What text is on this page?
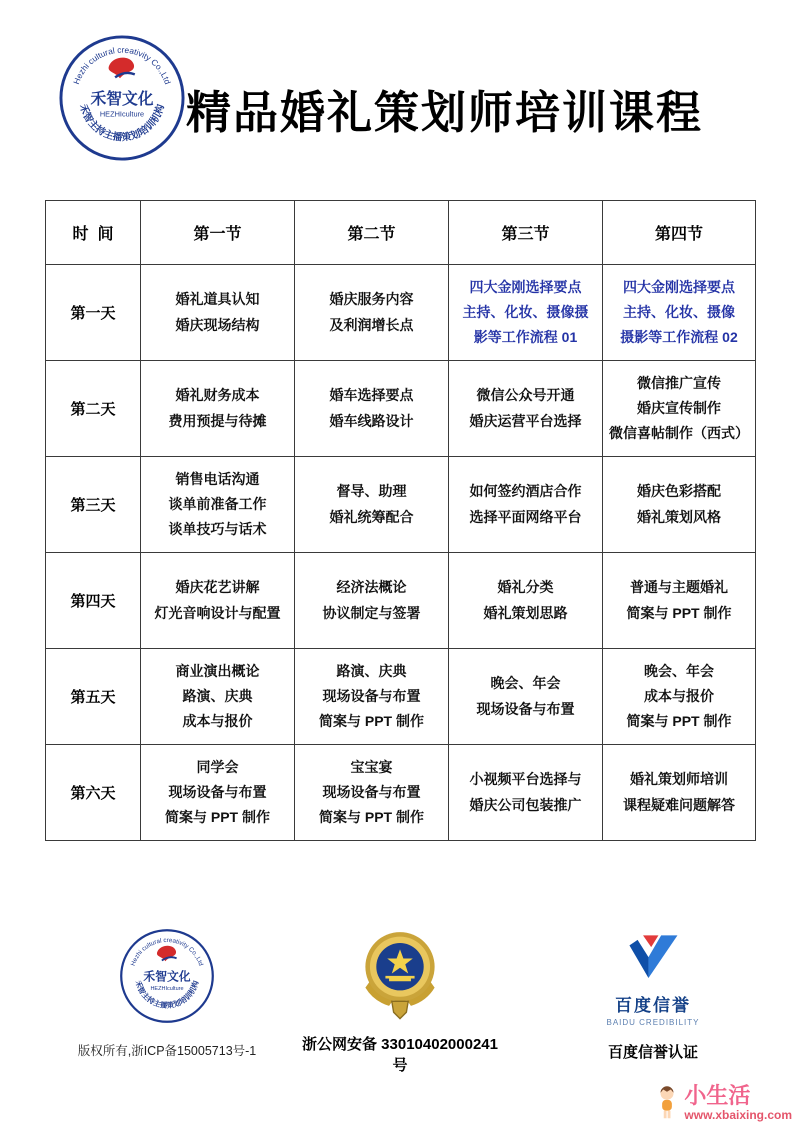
Hezhi cultural creativity Co.,Ltd
禾智主持主播策划培训机构
禾智文化
HEZHIculture 精品婚礼策划师培训课程
时  间	第一节	第二节	第三节	第四节
第一天	
婚礼道具认知
婚庆现场结构

婚庆服务内容
及利润增长点

四大金刚选择要点
主持、化妆、摄像摄
影等工作流程 01

四大金刚选择要点
主持、化妆、摄像
摄影等工作流程 02

第二天	
婚礼财务成本
费用预提与待摊

婚车选择要点
婚车线路设计

微信公众号开通
婚庆运营平台选择

微信推广宣传
婚庆宣传制作
微信喜帖制作（西式）

第三天	
销售电话沟通
谈单前准备工作
谈单技巧与话术

督导、助理
婚礼统筹配合

如何签约酒店合作
选择平面网络平台

婚庆色彩搭配
婚礼策划风格

第四天	
婚庆花艺讲解
灯光音响设计与配置

经济法概论
协议制定与签署

婚礼分类
婚礼策划思路

普通与主题婚礼
简案与 PPT 制作

第五天	
商业演出概论
路演、庆典
成本与报价

路演、庆典
现场设备与布置
简案与 PPT 制作

晚会、年会
现场设备与布置

晚会、年会
成本与报价
简案与 PPT 制作

第六天	
同学会
现场设备与布置
简案与 PPT 制作

宝宝宴
现场设备与布置
简案与 PPT 制作

小视频平台选择与
婚庆公司包装推广

婚礼策划师培训
课程疑难问题解答
Hezhi cultural creativity Co.,Ltd
禾智主持主播策划培训机构
禾智文化
HEZHIculture
版权所有,浙ICP备15005713号-1	浙公网安备 33010402000241号
百度信誉
BAIDU CREDIBILITY
百度信誉认证
小生活
www.xbaixing.com
